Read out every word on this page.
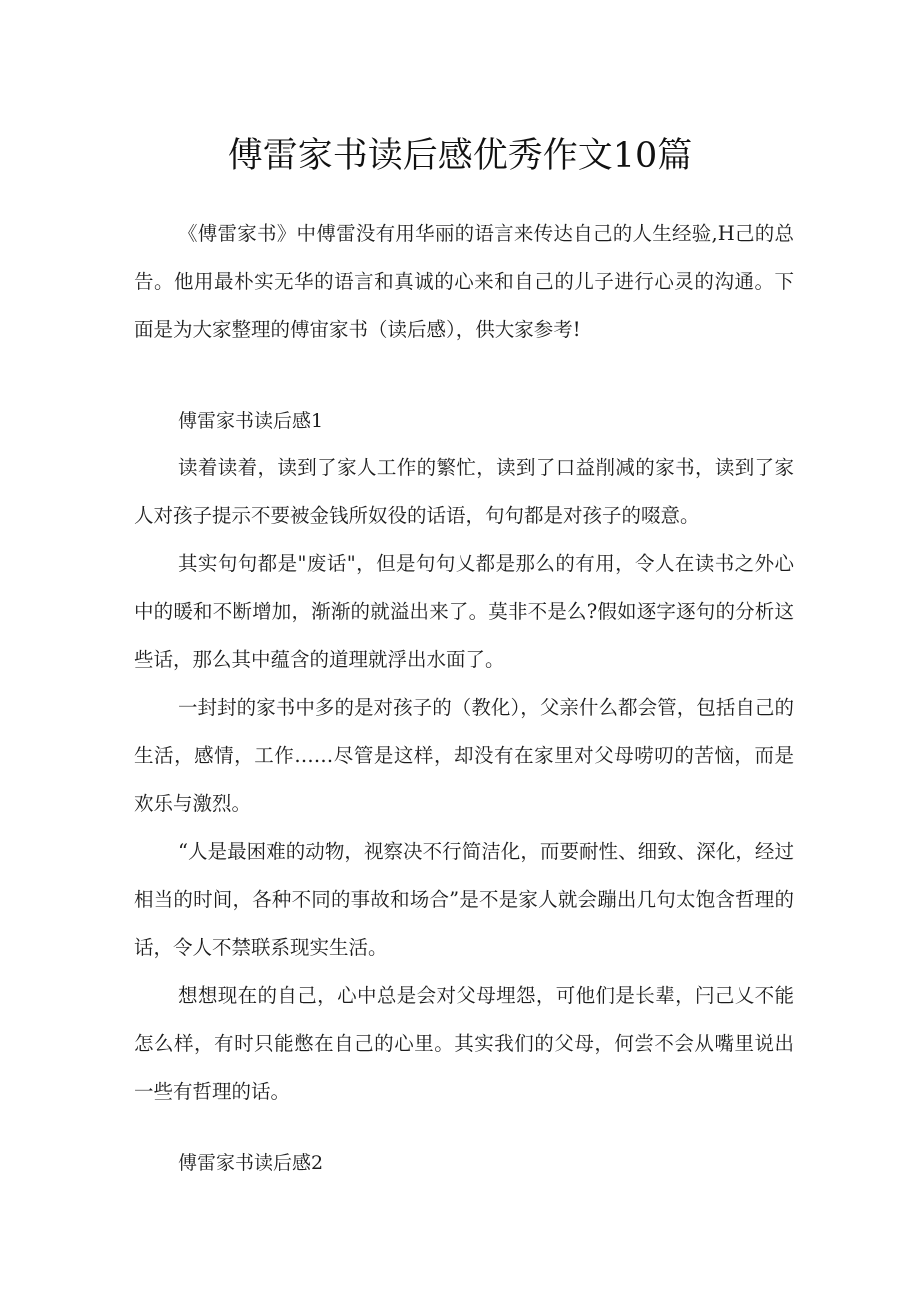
傅雷家书读后感优秀作文10篇

《傅雷家书》中傅雷没有用华丽的语言来传达自己的人生经验,H己的总告。他用最朴实无华的语言和真诚的心来和自己的儿子进行心灵的沟通。下面是为大家整理的傅宙家书（读后感），供大家参考!

傅雷家书读后感1

读着读着，读到了家人工作的繁忙，读到了口益削减的家书，读到了家人对孩子提示不要被金钱所奴役的话语，句句都是对孩子的啜意。

其实句句都是"废话"，但是句句乂都是那么的有用，令人在读书之外心中的暖和不断增加，渐渐的就溢出来了。莫非不是么?假如逐字逐句的分析这些话，那么其中蕴含的道理就浮出水面了。

一封封的家书中多的是对孩子的（教化），父亲什么都会管，包括自己的生活，感情，工作……尽管是这样，却没有在家里对父母唠叨的苦恼，而是欢乐与激烈。

“人是最困难的动物，视察决不行简洁化，而要耐性、细致、深化，经过相当的时间，各种不同的事故和场合”是不是家人就会蹦出几句太饱含哲理的话，令人不禁联系现实生活。

想想现在的自己，心中总是会对父母埋怨，可他们是长辈，闩己乂不能怎么样，有时只能憋在自己的心里。其实我们的父母，何尝不会从嘴里说出一些有哲理的话。

傅雷家书读后感2
